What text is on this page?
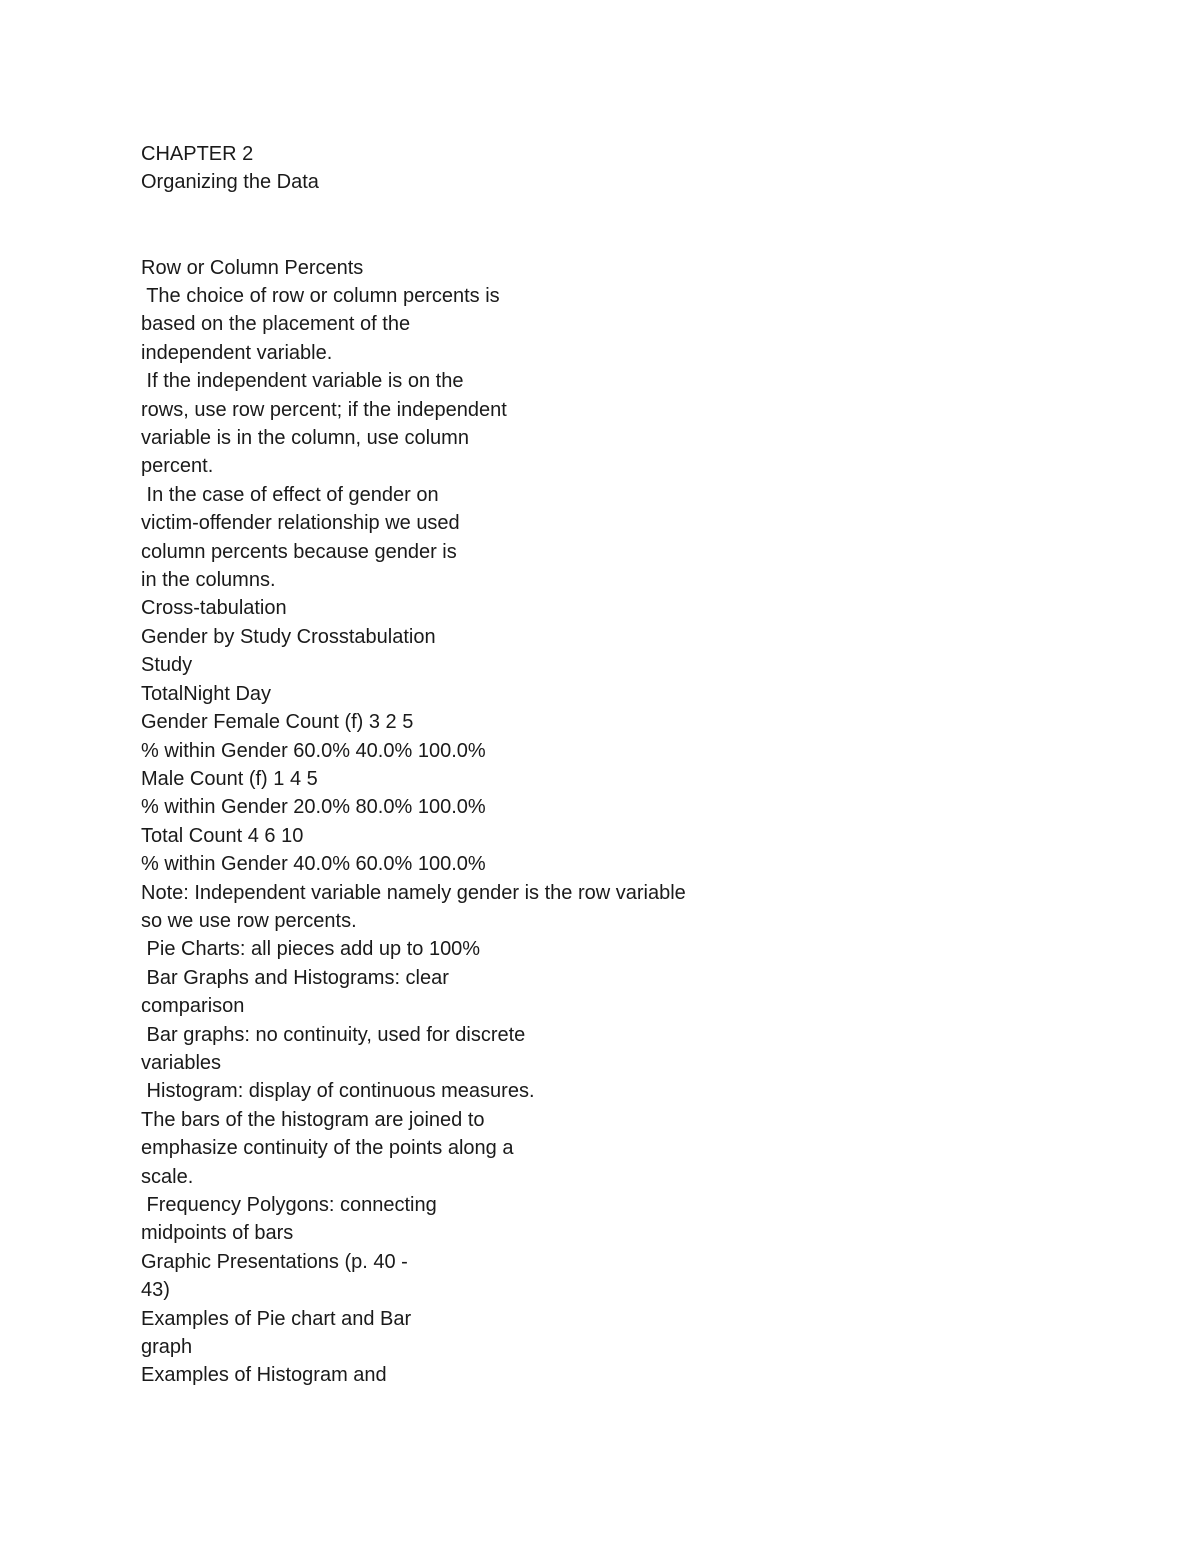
CHAPTER 2
Organizing the Data
Row or Column Percents
The choice of row or column percents is
based on the placement of the
independent variable.
If the independent variable is on the
rows, use row percent; if the independent
variable is in the column, use column
percent.
In the case of effect of gender on
victim-offender relationship we used
column percents because gender is
in the columns.
Cross-tabulation
Gender by Study Crosstabulation
Study
TotalNight Day
Gender Female Count (f) 3 2 5
% within Gender 60.0% 40.0% 100.0%
Male Count (f) 1 4 5
% within Gender 20.0% 80.0% 100.0%
Total Count 4 6 10
% within Gender 40.0% 60.0% 100.0%
Note: Independent variable namely gender is the row variable
so we use row percents.
Pie Charts: all pieces add up to 100%
Bar Graphs and Histograms: clear
comparison
Bar graphs: no continuity, used for discrete
variables
Histogram: display of continuous measures.
The bars of the histogram are joined to
emphasize continuity of the points along a
scale.
Frequency Polygons: connecting
midpoints of bars
Graphic Presentations (p. 40 -
43)
Examples of Pie chart and Bar
graph
Examples of Histogram and
